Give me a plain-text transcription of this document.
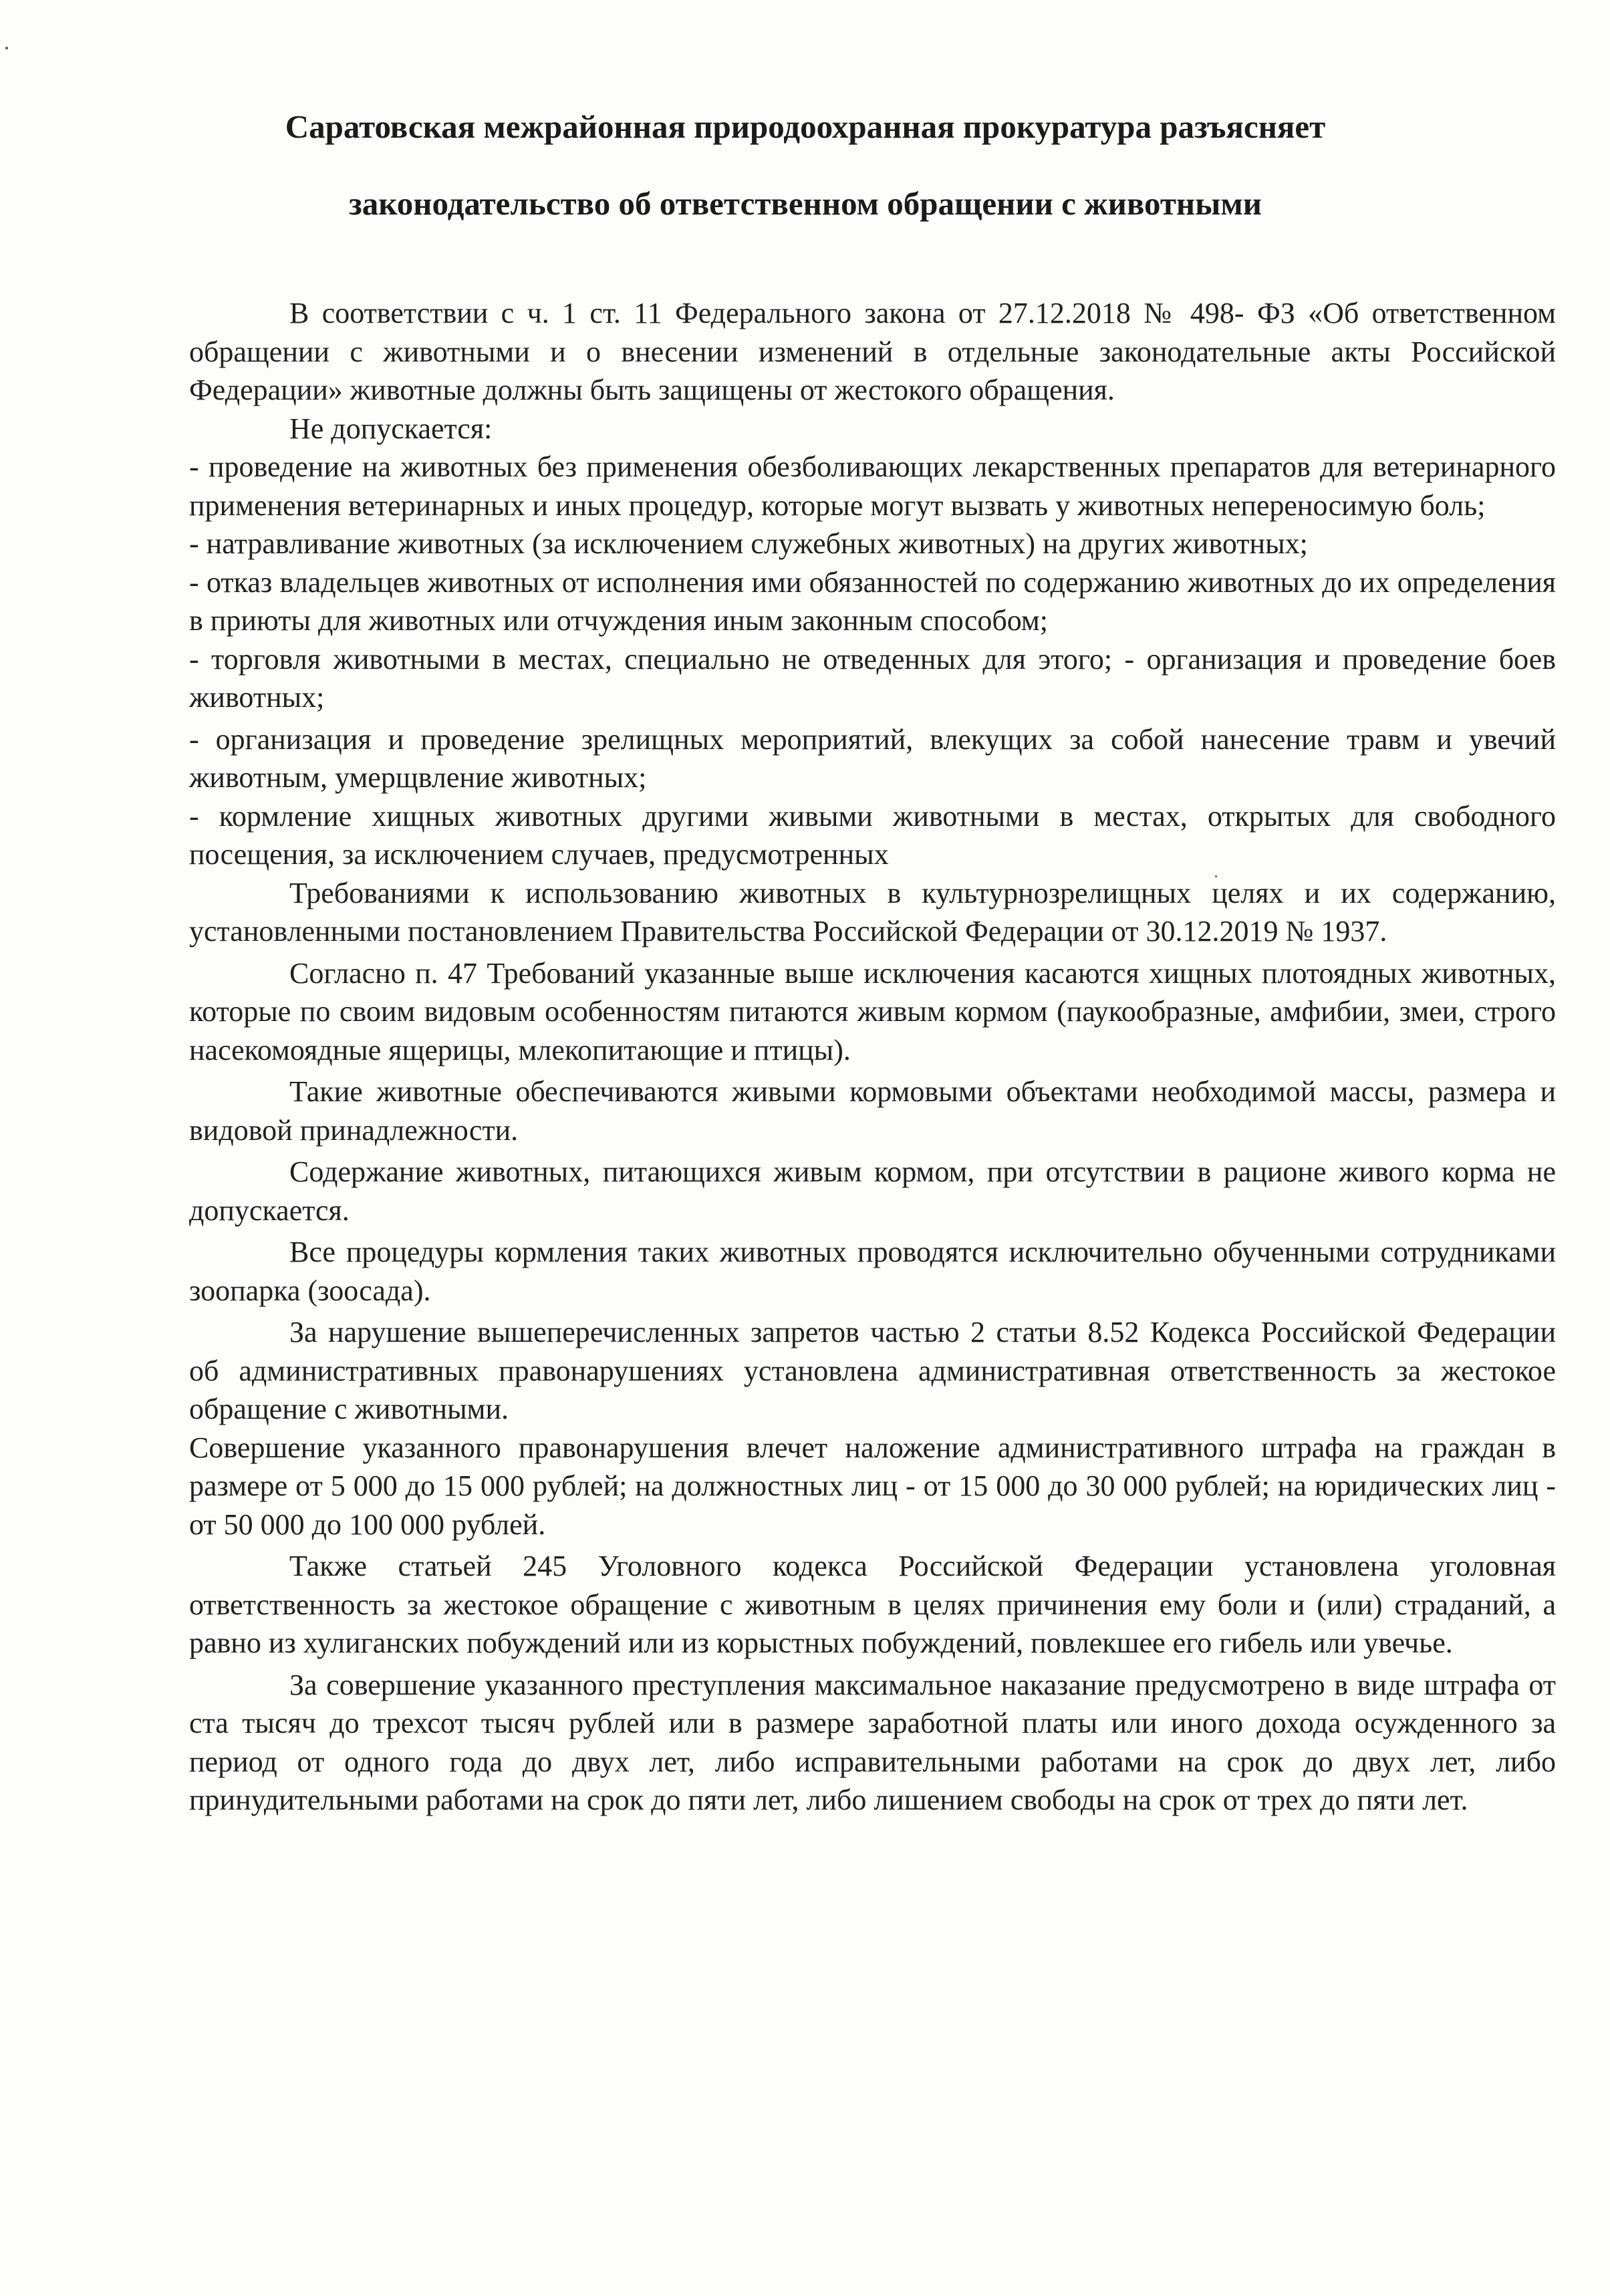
Саратовская межрайонная природоохранная прокуратура разъясняет
законодательство об ответственном обращении с животными

В соответствии с ч. 1 ст. 11 Федерального закона от 27.12.2018 № 498- ФЗ «Об ответственном обращении с животными и о внесении изменений в отдельные законодательные акты Российской Федерации» животные должны быть защищены от жестокого обращения.

Не допускается:

- проведение на животных без применения обезболивающих лекарственных препаратов для ветеринарного применения ветеринарных и иных процедур, которые могут вызвать у животных непереносимую боль;

- натравливание животных (за исключением служебных животных) на других животных;

- отказ владельцев животных от исполнения ими обязанностей по содержанию животных до их определения в приюты для животных или отчуждения иным законным способом;

- торговля животными в местах, специально не отведенных для этого; - организация и проведение боев животных;

- организация и проведение зрелищных мероприятий, влекущих за собой нанесение травм и увечий животным, умерщвление животных;

- кормление хищных животных другими живыми животными в местах, открытых для свободного посещения, за исключением случаев, предусмотренных

Требованиями к использованию животных в культурнозрелищных целях и их содержанию, установленными постановлением Правительства Российской Федерации от 30.12.2019 № 1937.

Согласно п. 47 Требований указанные выше исключения касаются хищных плотоядных животных, которые по своим видовым особенностям питаются живым кормом (паукообразные, амфибии, змеи, строго насекомоядные ящерицы, млекопитающие и птицы).

Такие животные обеспечиваются живыми кормовыми объектами необходимой массы, размера и видовой принадлежности.

Содержание животных, питающихся живым кормом, при отсутствии в рационе живого корма не допускается.

Все процедуры кормления таких животных проводятся исключительно обученными сотрудниками зоопарка (зоосада).

За нарушение вышеперечисленных запретов частью 2 статьи 8.52 Кодекса Российской Федерации об административных правонарушениях установлена административная ответственность за жестокое обращение с животными.

Совершение указанного правонарушения влечет наложение административного штрафа на граждан в размере от 5 000 до 15 000 рублей; на должностных лиц - от 15 000 до 30 000 рублей; на юридических лиц - от 50 000 до 100 000 рублей.

Также статьей 245 Уголовного кодекса Российской Федерации установлена уголовная ответственность за жестокое обращение с животным в целях причинения ему боли и (или) страданий, а равно из хулиганских побуждений или из корыстных побуждений, повлекшее его гибель или увечье.

За совершение указанного преступления максимальное наказание предусмотрено в виде штрафа от ста тысяч до трехсот тысяч рублей или в размере заработной платы или иного дохода осужденного за период от одного года до двух лет, либо исправительными работами на срок до двух лет, либо принудительными работами на срок до пяти лет, либо лишением свободы на срок от трех до пяти лет.
